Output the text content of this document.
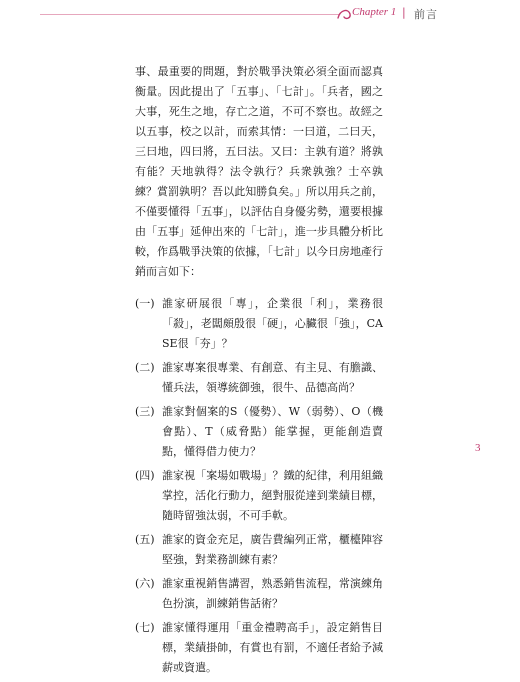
Chapter 1 | 前言

事、最重要的問題，對於戰爭決策必須全面而認真衡量。因此提出了「五事」、「七計」。「兵者，國之大事，死生之地，存亡之道，不可不察也。故經之以五事，校之以計，而索其情：一曰道，二曰天，三曰地，四曰將，五曰法。又曰：主孰有道？將孰有能？天地孰得？法令孰行？兵衆孰強？士卒孰練？賞罰孰明？吾以此知勝負矣。」所以用兵之前，不僅要懂得「五事」，以評估自身優劣勢，還要根據由「五事」延伸出來的「七計」，進一步具體分析比較，作爲戰爭決策的依據，「七計」以今日房地產行銷而言如下：

(一) 誰家研展很「專」，企業很「利」，業務很「殺」，老闆頗殷很「硬」，心臟很「強」，CASE很「夯」？
(二) 誰家專案很專業、有創意、有主見、有膽識、懂兵法，領導統御強，很牛、品德高尚？
(三) 誰家對個案的S（優勢）、W（弱勢）、O（機會點）、T（威脅點）能掌握，更能創造賣點，懂得借力使力？
(四) 誰家視「案場如戰場」？鐵的紀律，利用組織掌控，活化行動力，絕對服從達到業績目標，隨時留強汰弱，不可手軟。
(五) 誰家的資金充足，廣告費編列正常，櫃檯陣容堅強，對業務訓練有素？
(六) 誰家重視銷售講習，熟悉銷售流程，常演練角色扮演，訓練銷售話術？
(七) 誰家懂得運用「重金禮聘高手」，設定銷售目標，業績掛帥，有賞也有罰，不適任者給予減薪或資遣。
3
